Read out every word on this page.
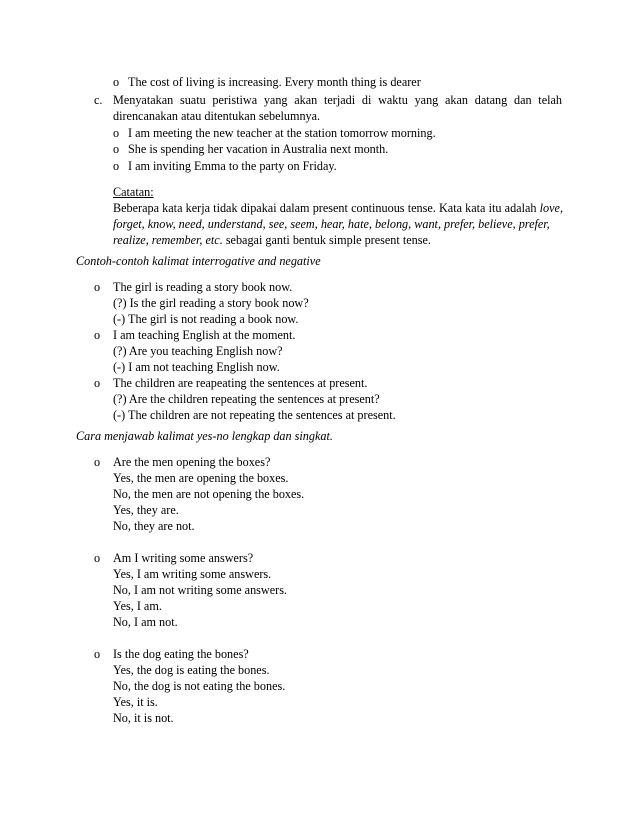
o The cost of living is increasing. Every month thing is dearer
c. Menyatakan suatu peristiwa yang akan terjadi di waktu yang akan datang dan telah
direncanakan atau ditentukan sebelumnya.
o I am meeting the new teacher at the station tomorrow morning.
o She is spending her vacation in Australia next month.
o I am inviting Emma to the party on Friday.
Catatan:
Beberapa kata kerja tidak dipakai dalam present continuous tense. Kata kata itu adalah love,
forget, know, need, understand, see, seem, hear, hate, belong, want, prefer, believe, prefer,
realize, remember, etc. sebagai ganti bentuk simple present tense.
Contoh-contoh kalimat interrogative and negative
o The girl is reading a story book now.
(?) Is the girl reading a story book now?
(-) The girl is not reading a book now.
o I am teaching English at the moment.
(?) Are you teaching English now?
(-) I am not teaching English now.
o The children are reapeating the sentences at present.
(?) Are the children repeating the sentences at present?
(-) The children are not repeating the sentences at present.
Cara menjawab kalimat yes-no lengkap dan singkat.
o Are the men opening the boxes?
Yes, the men are opening the boxes.
No, the men are not opening the boxes.
Yes, they are.
No, they are not.
o Am I writing some answers?
Yes, I am writing some answers.
No, I am not writing some answers.
Yes, I am.
No, I am not.
o Is the dog eating the bones?
Yes, the dog is eating the bones.
No, the dog is not eating the bones.
Yes, it is.
No, it is not.
